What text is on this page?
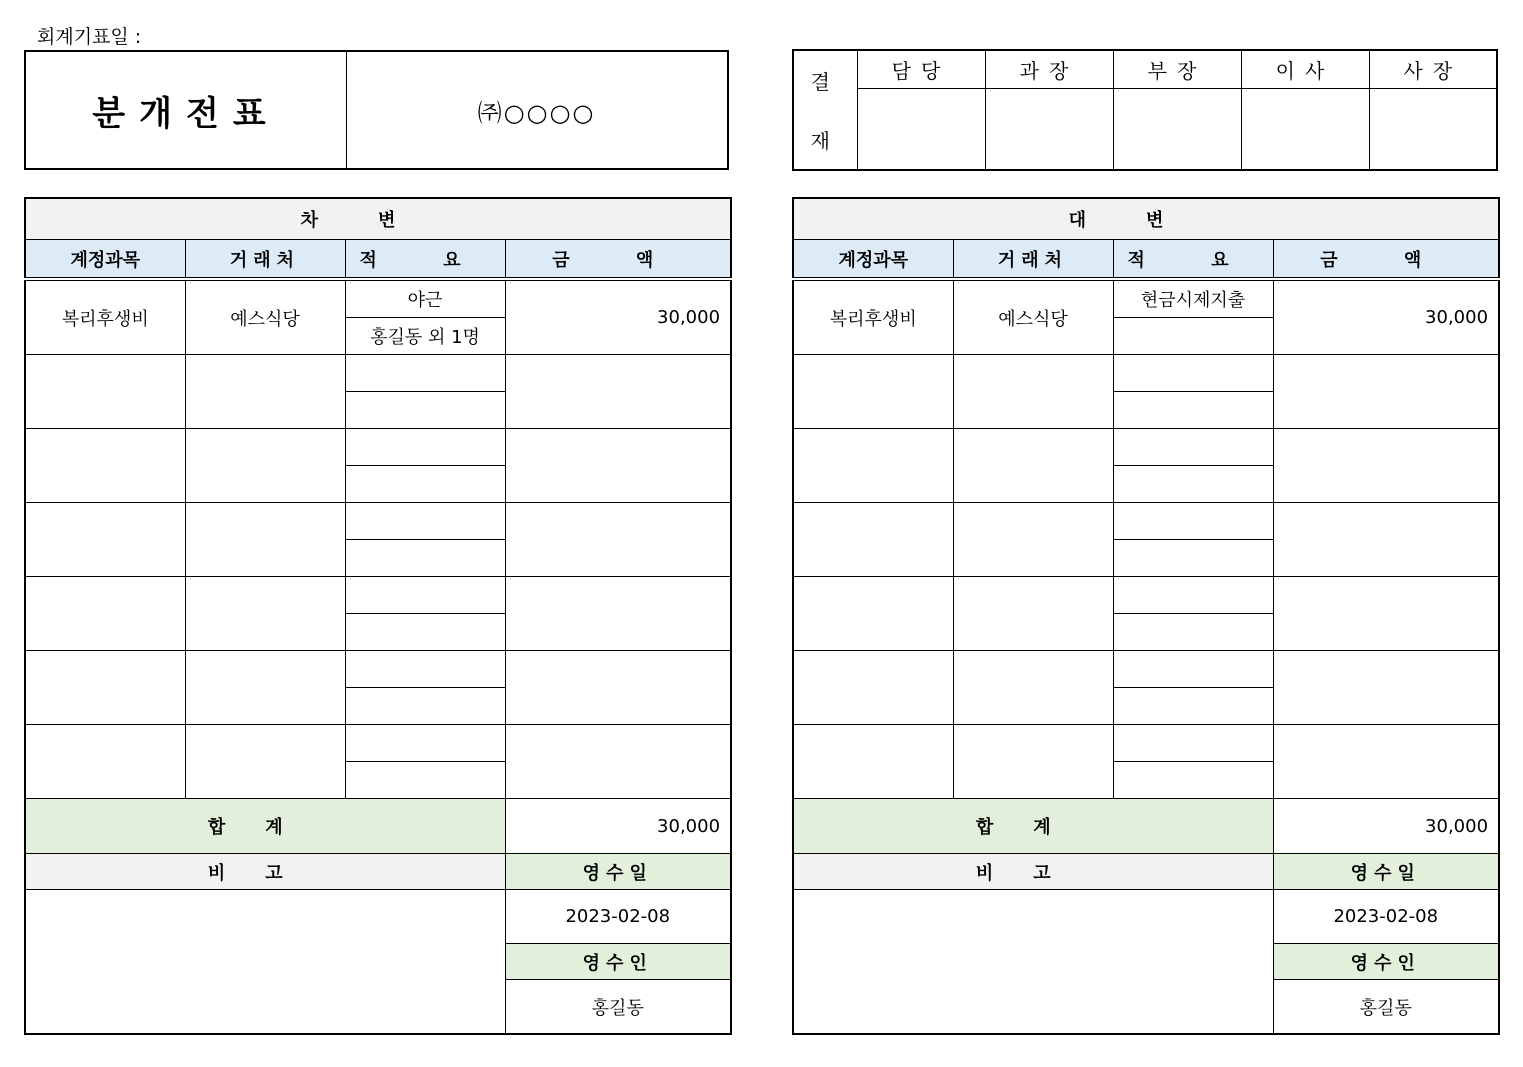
회계기표일 :
분개전표	㈜○○○○
결
재	담당	과장	부장	이사	사장

차변			
계정과목	거래처	적 요	금 액
복리후생비	예스식당	야근	30,000
		홍길동 외 1명	

합계			30,000
비고			영수일
			2023-02-08
			영수인
			홍길동
대변			
계정과목	거래처	적 요	금 액
복리후생비	예스식당	현금시제지출	30,000

합계			30,000
비고			영수일
			2023-02-08
			영수인
			홍길동
